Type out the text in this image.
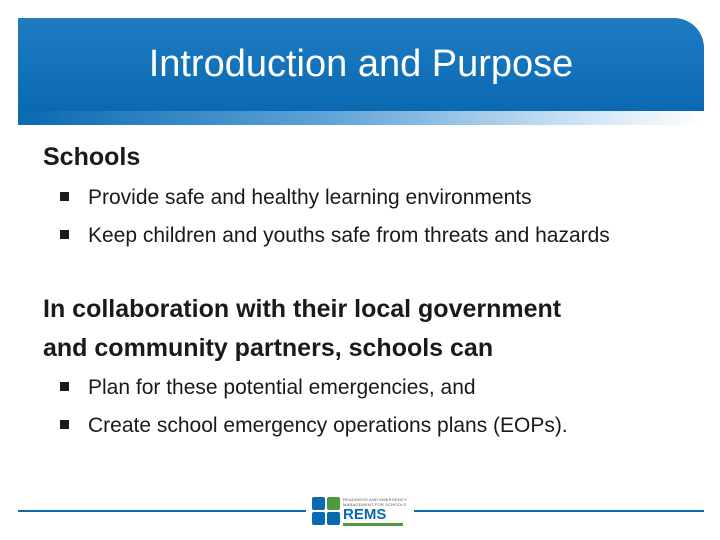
Introduction and Purpose

Schools

Provide safe and healthy learning environments
Keep children and youths safe from threats and hazards

In collaboration with their local government

and community partners, schools can

Plan for these potential emergencies, and
Create school emergency operations plans (EOPs).
READINESS AND EMERGENCY MANAGEMENT FOR SCHOOLS
REMS
